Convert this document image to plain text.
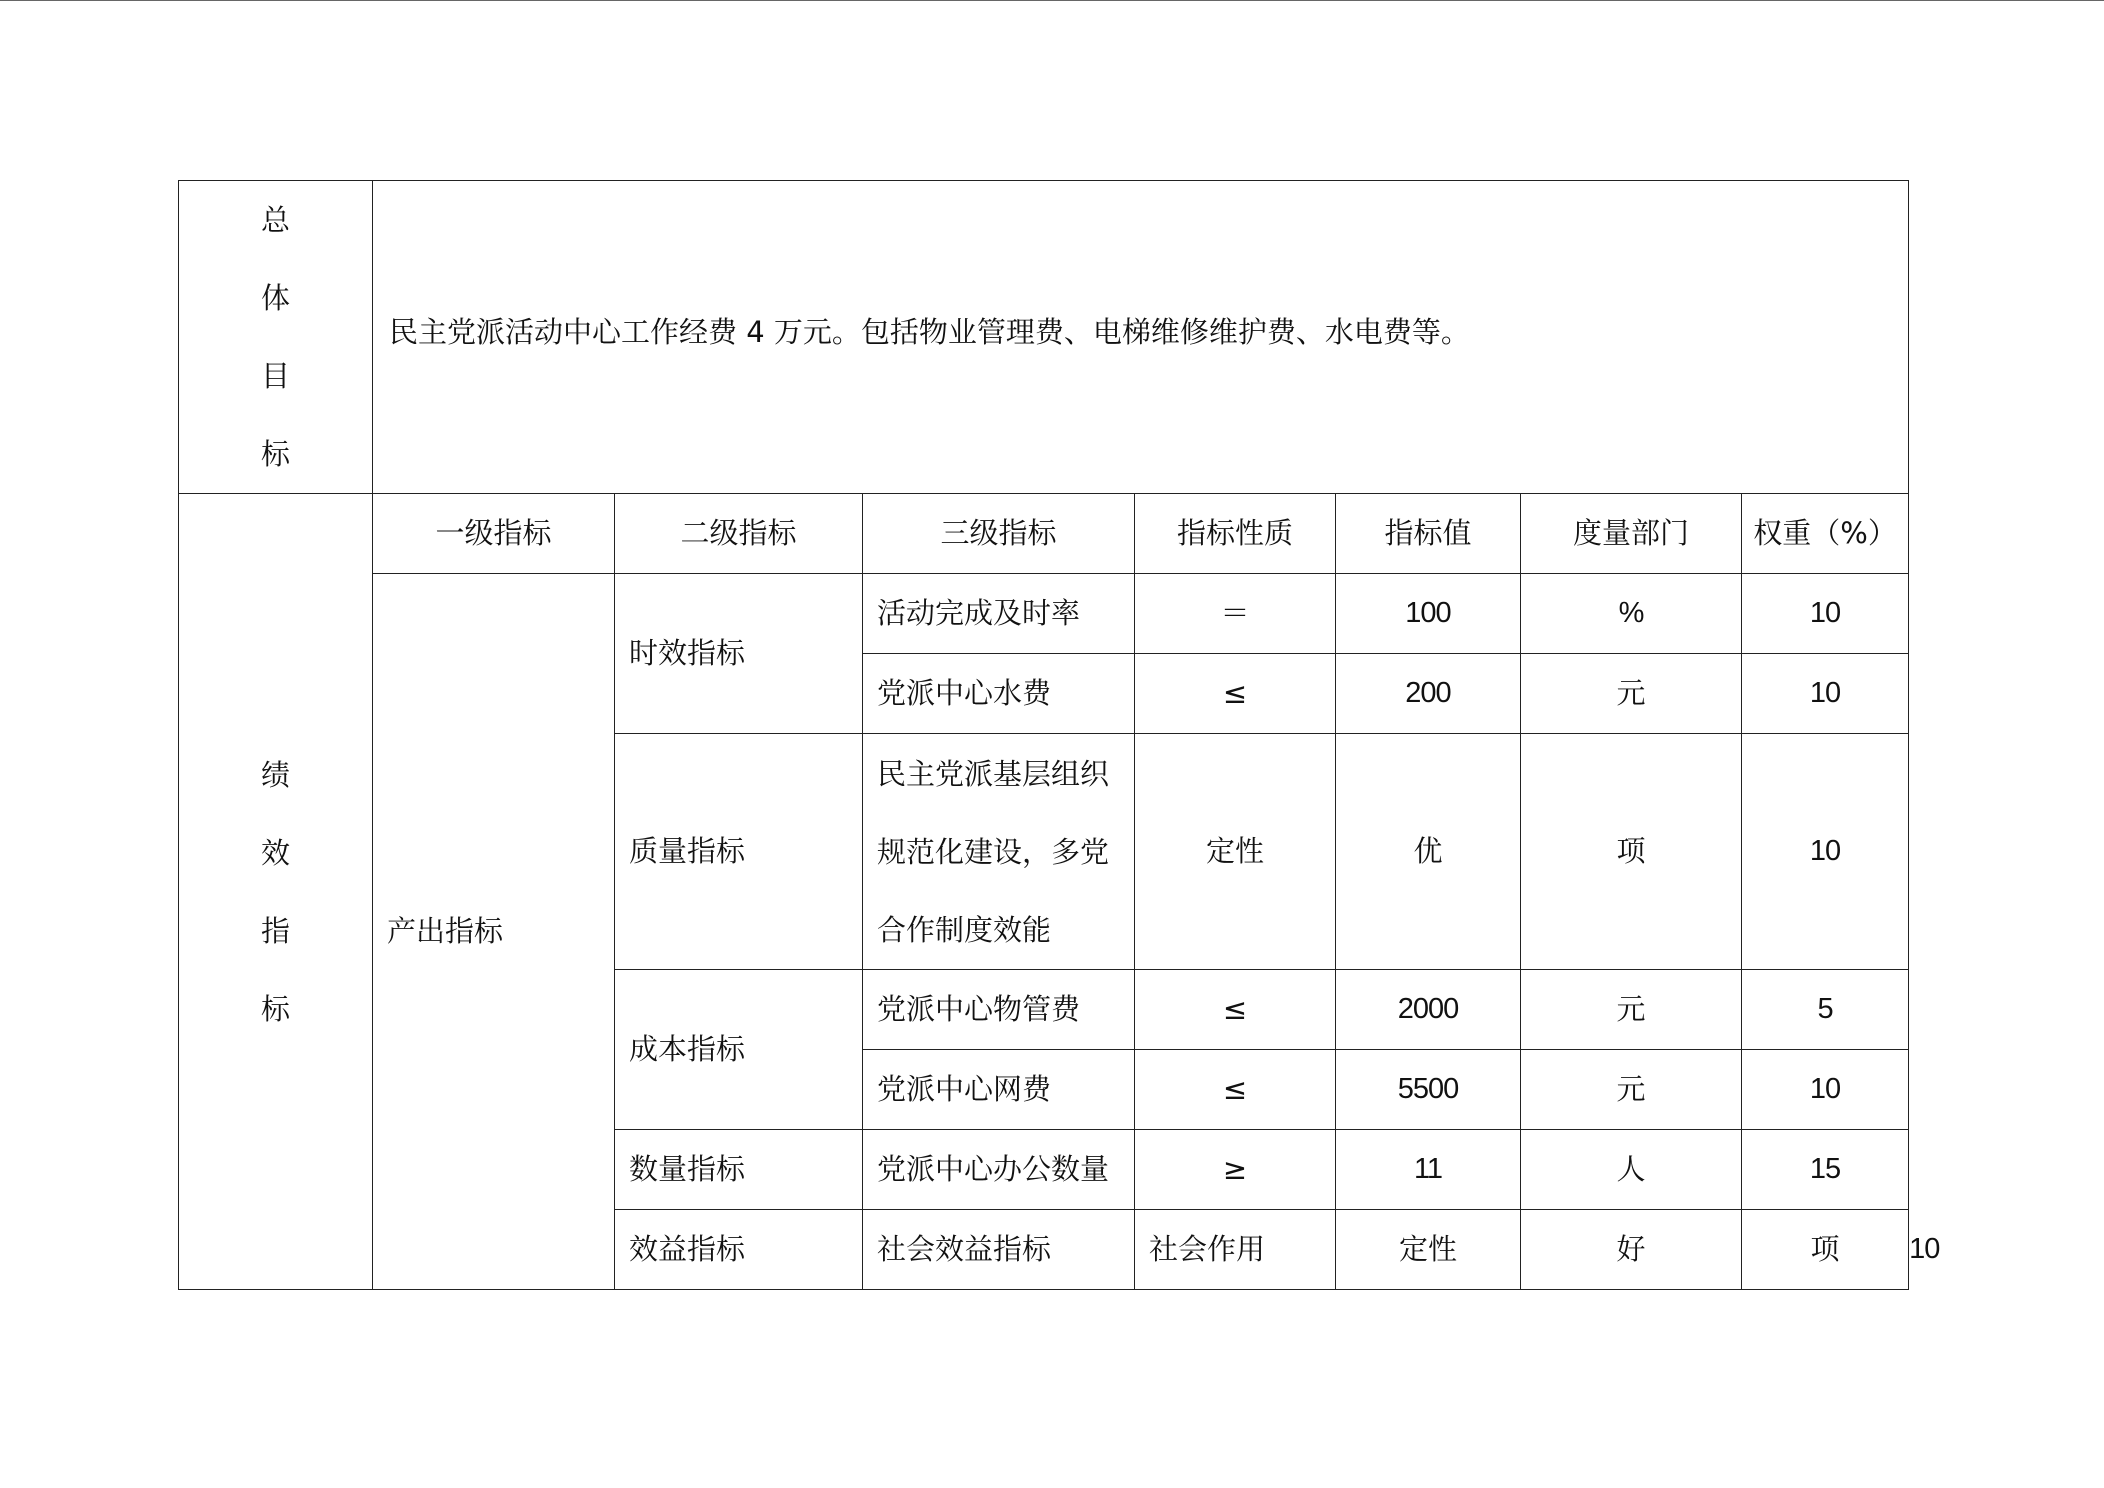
总
体
目
标	民主党派活动中心工作经费 4 万元。包括物业管理费、电梯维修维护费、水电费等。							

绩
效
指
标	一级指标	二级指标	三级指标	指标性质	指标值	度量部门	权重（%）	
	产出指标	时效指标	活动完成及时率	＝	100	%	10	
			党派中心水费	≤	200	元	10	
		质量指标	民主党派基层组织
规范化建设，多党
合作制度效能	定性	优	项	10	
		成本指标	党派中心物管费	≤	2000	元	5	
			党派中心网费	≤	5500	元	10	
		数量指标	党派中心办公数量	≥	11	人	15	
		效益指标	社会效益指标	社会作用	定性	好	项	10
